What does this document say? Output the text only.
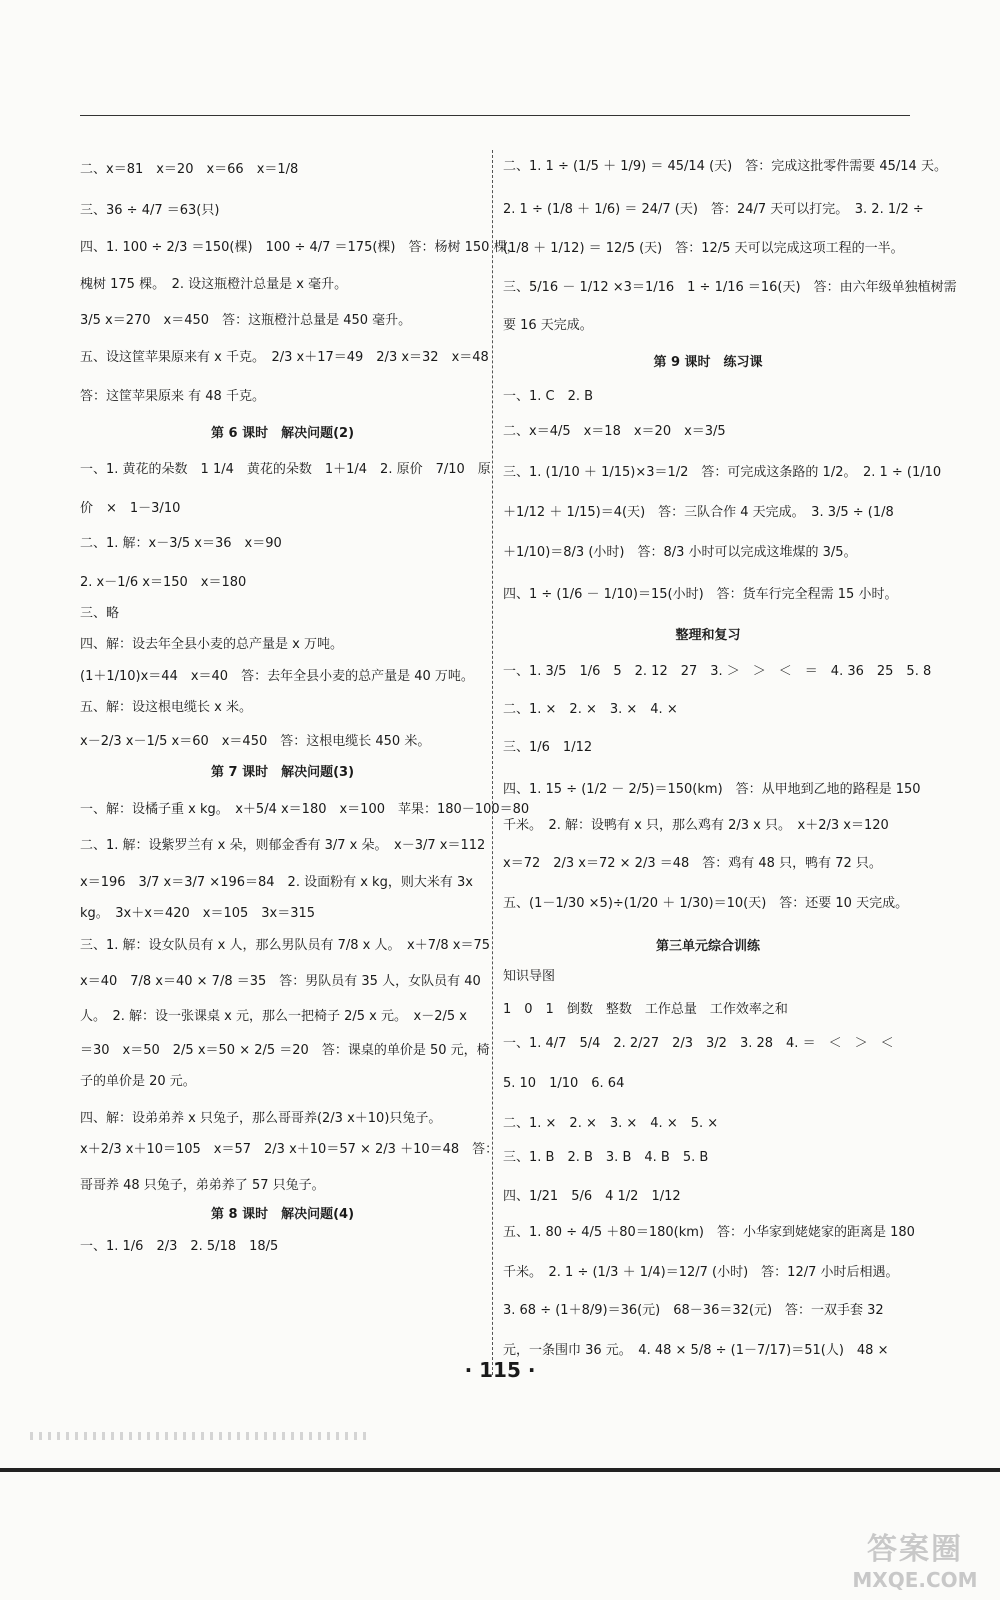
二、x＝81　x＝20　x＝66　x＝1/8
三、36 ÷ 4/7 ＝63(只)
四、1. 100 ÷ 2/3 ＝150(棵)　100 ÷ 4/7 ＝175(棵)　答：杨树 150 棵，
槐树 175 棵。　2. 设这瓶橙汁总量是 x 毫升。
3/5 x＝270　x＝450　答：这瓶橙汁总量是 450 毫升。
五、设这筐苹果原来有 x 千克。　2/3 x＋17＝49　2/3 x＝32　x＝48
答：这筐苹果原来 有 48 千克。
第 6 课时　解决问题(2)
一、1. 黄花的朵数　1 1/4　黄花的朵数　1＋1/4　2. 原价　7/10　原
价　×　1－3/10
二、1. 解：x－3/5 x＝36　x＝90
2. x－1/6 x＝150　x＝180
三、略
四、解：设去年全县小麦的总产量是 x 万吨。
(1＋1/10)x＝44　x＝40　答：去年全县小麦的总产量是 40 万吨。
五、解：设这根电缆长 x 米。
x－2/3 x－1/5 x＝60　x＝450　答：这根电缆长 450 米。
第 7 课时　解决问题(3)
一、解：设橘子重 x kg。　x＋5/4 x＝180　x＝100　苹果：180－100＝80
二、1. 解：设紫罗兰有 x 朵，则郁金香有 3/7 x 朵。　x－3/7 x＝112
x＝196　3/7 x＝3/7 ×196＝84　2. 设面粉有 x kg，则大米有 3x
kg。　3x＋x＝420　x＝105　3x＝315
三、1. 解：设女队员有 x 人，那么男队员有 7/8 x 人。　x＋7/8 x＝75
x＝40　7/8 x＝40 × 7/8 ＝35　答：男队员有 35 人，女队员有 40
人。　2. 解：设一张课桌 x 元，那么一把椅子 2/5 x 元。　x－2/5 x
＝30　x＝50　2/5 x＝50 × 2/5 ＝20　答：课桌的单价是 50 元，椅
子的单价是 20 元。
四、解：设弟弟养 x 只兔子，那么哥哥养(2/3 x＋10)只兔子。
x＋2/3 x＋10＝105　x＝57　2/3 x＋10＝57 × 2/3 ＋10＝48　答：
哥哥养 48 只兔子，弟弟养了 57 只兔子。
第 8 课时　解决问题(4)
一、1. 1/6　2/3　2. 5/18　18/5
二、1. 1 ÷ (1/5 ＋ 1/9) ＝ 45/14 (天)　答：完成这批零件需要 45/14 天。
2. 1 ÷ (1/8 ＋ 1/6) ＝ 24/7 (天)　答：24/7 天可以打完。　3. 2. 1/2 ÷
(1/8 ＋ 1/12) ＝ 12/5 (天)　答：12/5 天可以完成这项工程的一半。
三、5/16 － 1/12 ×3＝1/16　1 ÷ 1/16 ＝16(天)　答：由六年级单独植树需
要 16 天完成。
第 9 课时　练习课
一、1. C　2. B
二、x＝4/5　x＝18　x＝20　x＝3/5
三、1. (1/10 ＋ 1/15)×3＝1/2　答：可完成这条路的 1/2。　2. 1 ÷ (1/10
＋1/12 ＋ 1/15)＝4(天)　答：三队合作 4 天完成。　3. 3/5 ÷ (1/8
＋1/10)＝8/3 (小时)　答：8/3 小时可以完成这堆煤的 3/5。
四、1 ÷ (1/6 － 1/10)＝15(小时)　答：货车行完全程需 15 小时。
整理和复习
一、1. 3/5　1/6　5　2. 12　27　3. ＞　＞　＜　＝　4. 36　25　5. 8
二、1. ×　2. ×　3. ×　4. ×
三、1/6　1/12
四、1. 15 ÷ (1/2 － 2/5)＝150(km)　答：从甲地到乙地的路程是 150
千米。　2. 解：设鸭有 x 只，那么鸡有 2/3 x 只。　x＋2/3 x＝120
x＝72　2/3 x＝72 × 2/3 ＝48　答：鸡有 48 只，鸭有 72 只。
五、(1－1/30 ×5)÷(1/20 ＋ 1/30)＝10(天)　答：还要 10 天完成。
第三单元综合训练
知识导图
1　0　1　倒数　整数　工作总量　工作效率之和
一、1. 4/7　5/4　2. 2/27　2/3　3/2　3. 28　4. ＝　＜　＞　＜
5. 10　1/10　6. 64
二、1. ×　2. ×　3. ×　4. ×　5. ×
三、1. B　2. B　3. B　4. B　5. B
四、1/21　5/6　4 1/2　1/12
五、1. 80 ÷ 4/5 ＋80＝180(km)　答：小华家到姥姥家的距离是 180
千米。　2. 1 ÷ (1/3 ＋ 1/4)＝12/7 (小时)　答：12/7 小时后相遇。
3. 68 ÷ (1＋8/9)＝36(元)　68－36＝32(元)　答：一双手套 32
元，一条围巾 36 元。　4. 48 × 5/8 ÷ (1－7/17)＝51(人)　48 ×
· 115 ·
答案圈
MXQE.COM
